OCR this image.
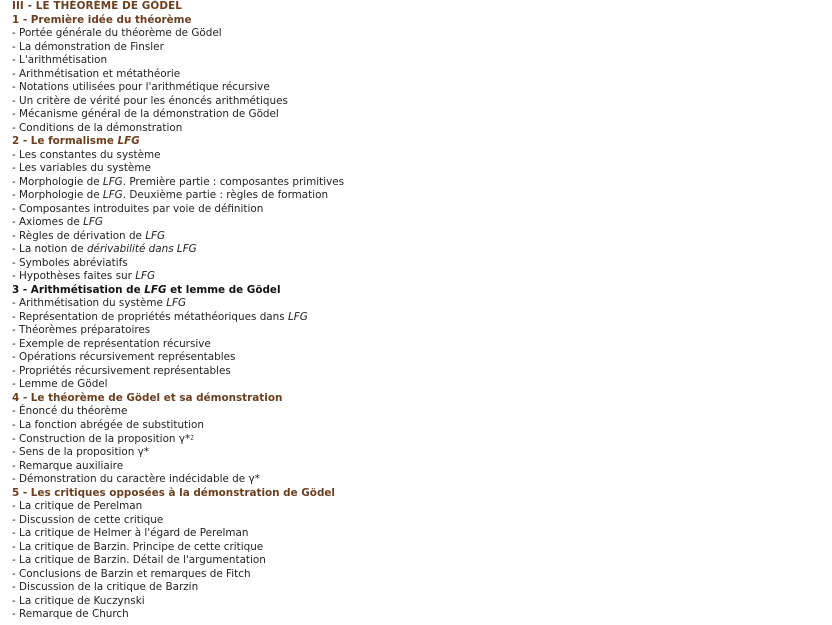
III - LE THÉORÈME DE GÖDEL
1 - Première idée du théorème
- Portée générale du théorème de Gödel
- La démonstration de Finsler
- L'arithmétisation
- Arithmétisation et métathéorie
- Notations utilisées pour l'arithmétique récursive
- Un critère de vérité pour les énoncés arithmétiques
- Mécanisme général de la démonstration de Gödel
- Conditions de la démonstration
2 - Le formalisme LFG
- Les constantes du système
- Les variables du système
- Morphologie de LFG. Première partie : composantes primitives
- Morphologie de LFG. Deuxième partie : règles de formation
- Composantes introduites par voie de définition
- Axiomes de LFG
- Règles de dérivation de LFG
- La notion de dérivabilité dans LFG
- Symboles abréviatifs
- Hypothèses faites sur LFG
3 - Arithmétisation de LFG et lemme de Gödel
- Arithmétisation du système LFG
- Représentation de propriétés métathéoriques dans LFG
- Théorèmes préparatoires
- Exemple de représentation récursive
- Opérations récursivement représentables
- Propriétés récursivement représentables
- Lemme de Gödel
4 - Le théorème de Gödel et sa démonstration
- Énoncé du théorème
- La fonction abrégée de substitution
- Construction de la proposition γ*⁲
- Sens de la proposition γ*
- Remarque auxiliaire
- Démonstration du caractère indécidable de γ*
5 - Les critiques opposées à la démonstration de Gödel
- La critique de Perelman
- Discussion de cette critique
- La critique de Helmer à l'égard de Perelman
- La critique de Barzin. Principe de cette critique
- La critique de Barzin. Détail de l'argumentation
- Conclusions de Barzin et remarques de Fitch
- Discussion de la critique de Barzin
- La critique de Kuczynski
- Remarque de Church
